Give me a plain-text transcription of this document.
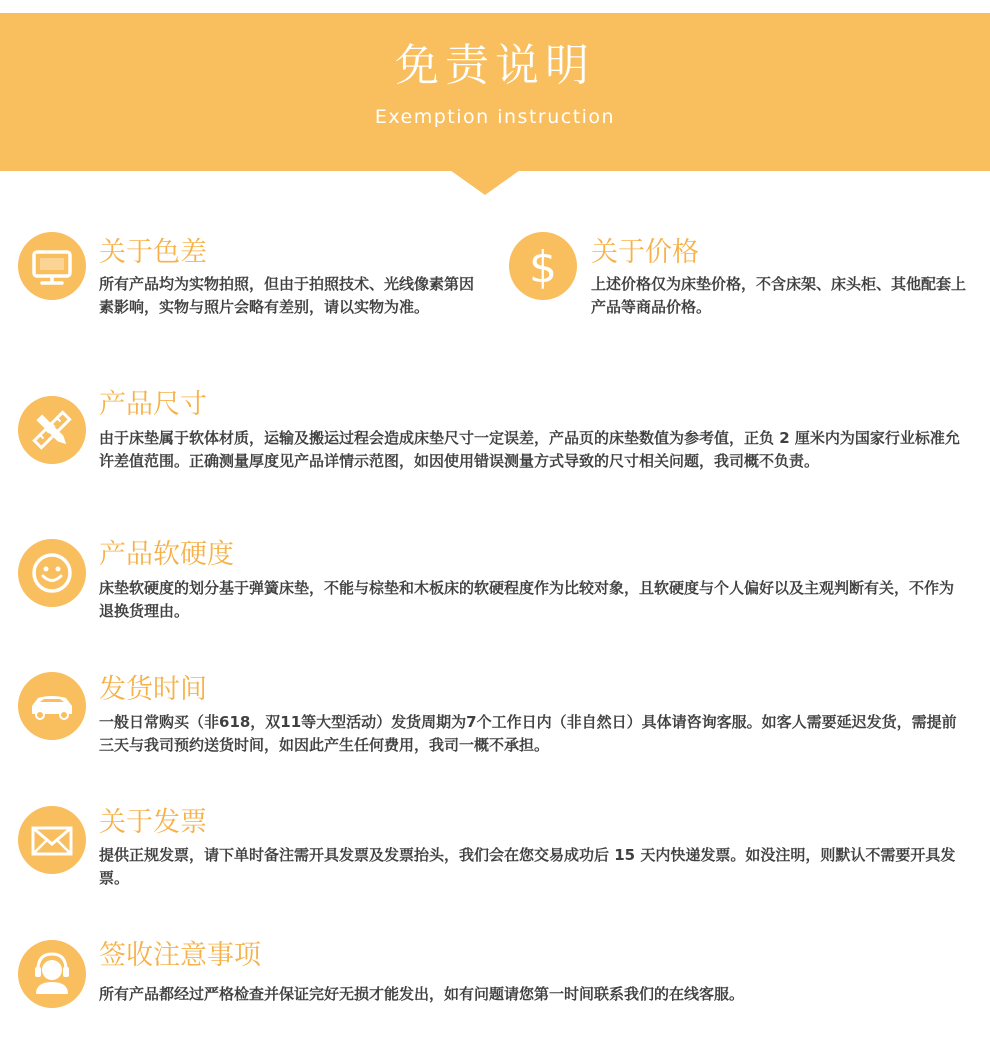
免责说明
Exemption instruction
关于色差
所有产品均为实物拍照，但由于拍照技术、光线像素第因素影响，实物与照片会略有差别，请以实物为准。
$ 关于价格
上述价格仅为床垫价格，不含床架、床头柜、其他配套上产品等商品价格。
产品尺寸
由于床垫属于软体材质，运输及搬运过程会造成床垫尺寸一定误差，产品页的床垫数值为参考值，正负 2 厘米内为国家行业标准允许差值范围。正确测量厚度见产品详情示范图，如因使用错误测量方式导致的尺寸相关问题，我司概不负责。
产品软硬度
床垫软硬度的划分基于弹簧床垫，不能与棕垫和木板床的软硬程度作为比较对象，且软硬度与个人偏好以及主观判断有关，不作为退换货理由。
发货时间
一般日常购买（非618，双11等大型活动）发货周期为7个工作日内（非自然日）具体请咨询客服。如客人需要延迟发货，需提前三天与我司预约送货时间，如因此产生任何费用，我司一概不承担。
关于发票
提供正规发票，请下单时备注需开具发票及发票抬头，我们会在您交易成功后 15 天内快递发票。如没注明，则默认不需要开具发票。
签收注意事项
所有产品都经过严格检查并保证完好无损才能发出，如有问题请您第一时间联系我们的在线客服。
